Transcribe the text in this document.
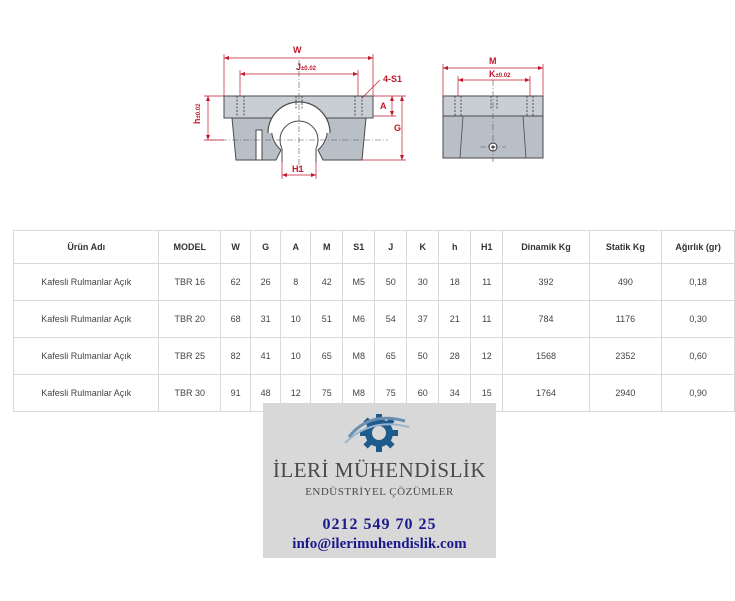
W
J±0.02
4-S1
A
G
h±0.02
H1
M
K±0.02
Ürün Adı	MODEL	W	G	A	M	S1	J	K	h	H1	Dinamik Kg	Statik Kg	Ağırlık (gr)
Kafesli Rulmanlar Açık	TBR 16	62	26	8	42	M5	50	30	18	11	392	490	0,18
Kafesli Rulmanlar Açık	TBR 20	68	31	10	51	M6	54	37	21	11	784	1176	0,30
Kafesli Rulmanlar Açık	TBR 25	82	41	10	65	M8	65	50	28	12	1568	2352	0,60
Kafesli Rulmanlar Açık	TBR 30	91	48	12	75	M8	75	60	34	15	1764	2940	0,90
İLERİ MÜHENDİSLİK
ENDÜSTRİYEL ÇÖZÜMLER
0212 549 70 25
info@ilerimuhendislik.com
